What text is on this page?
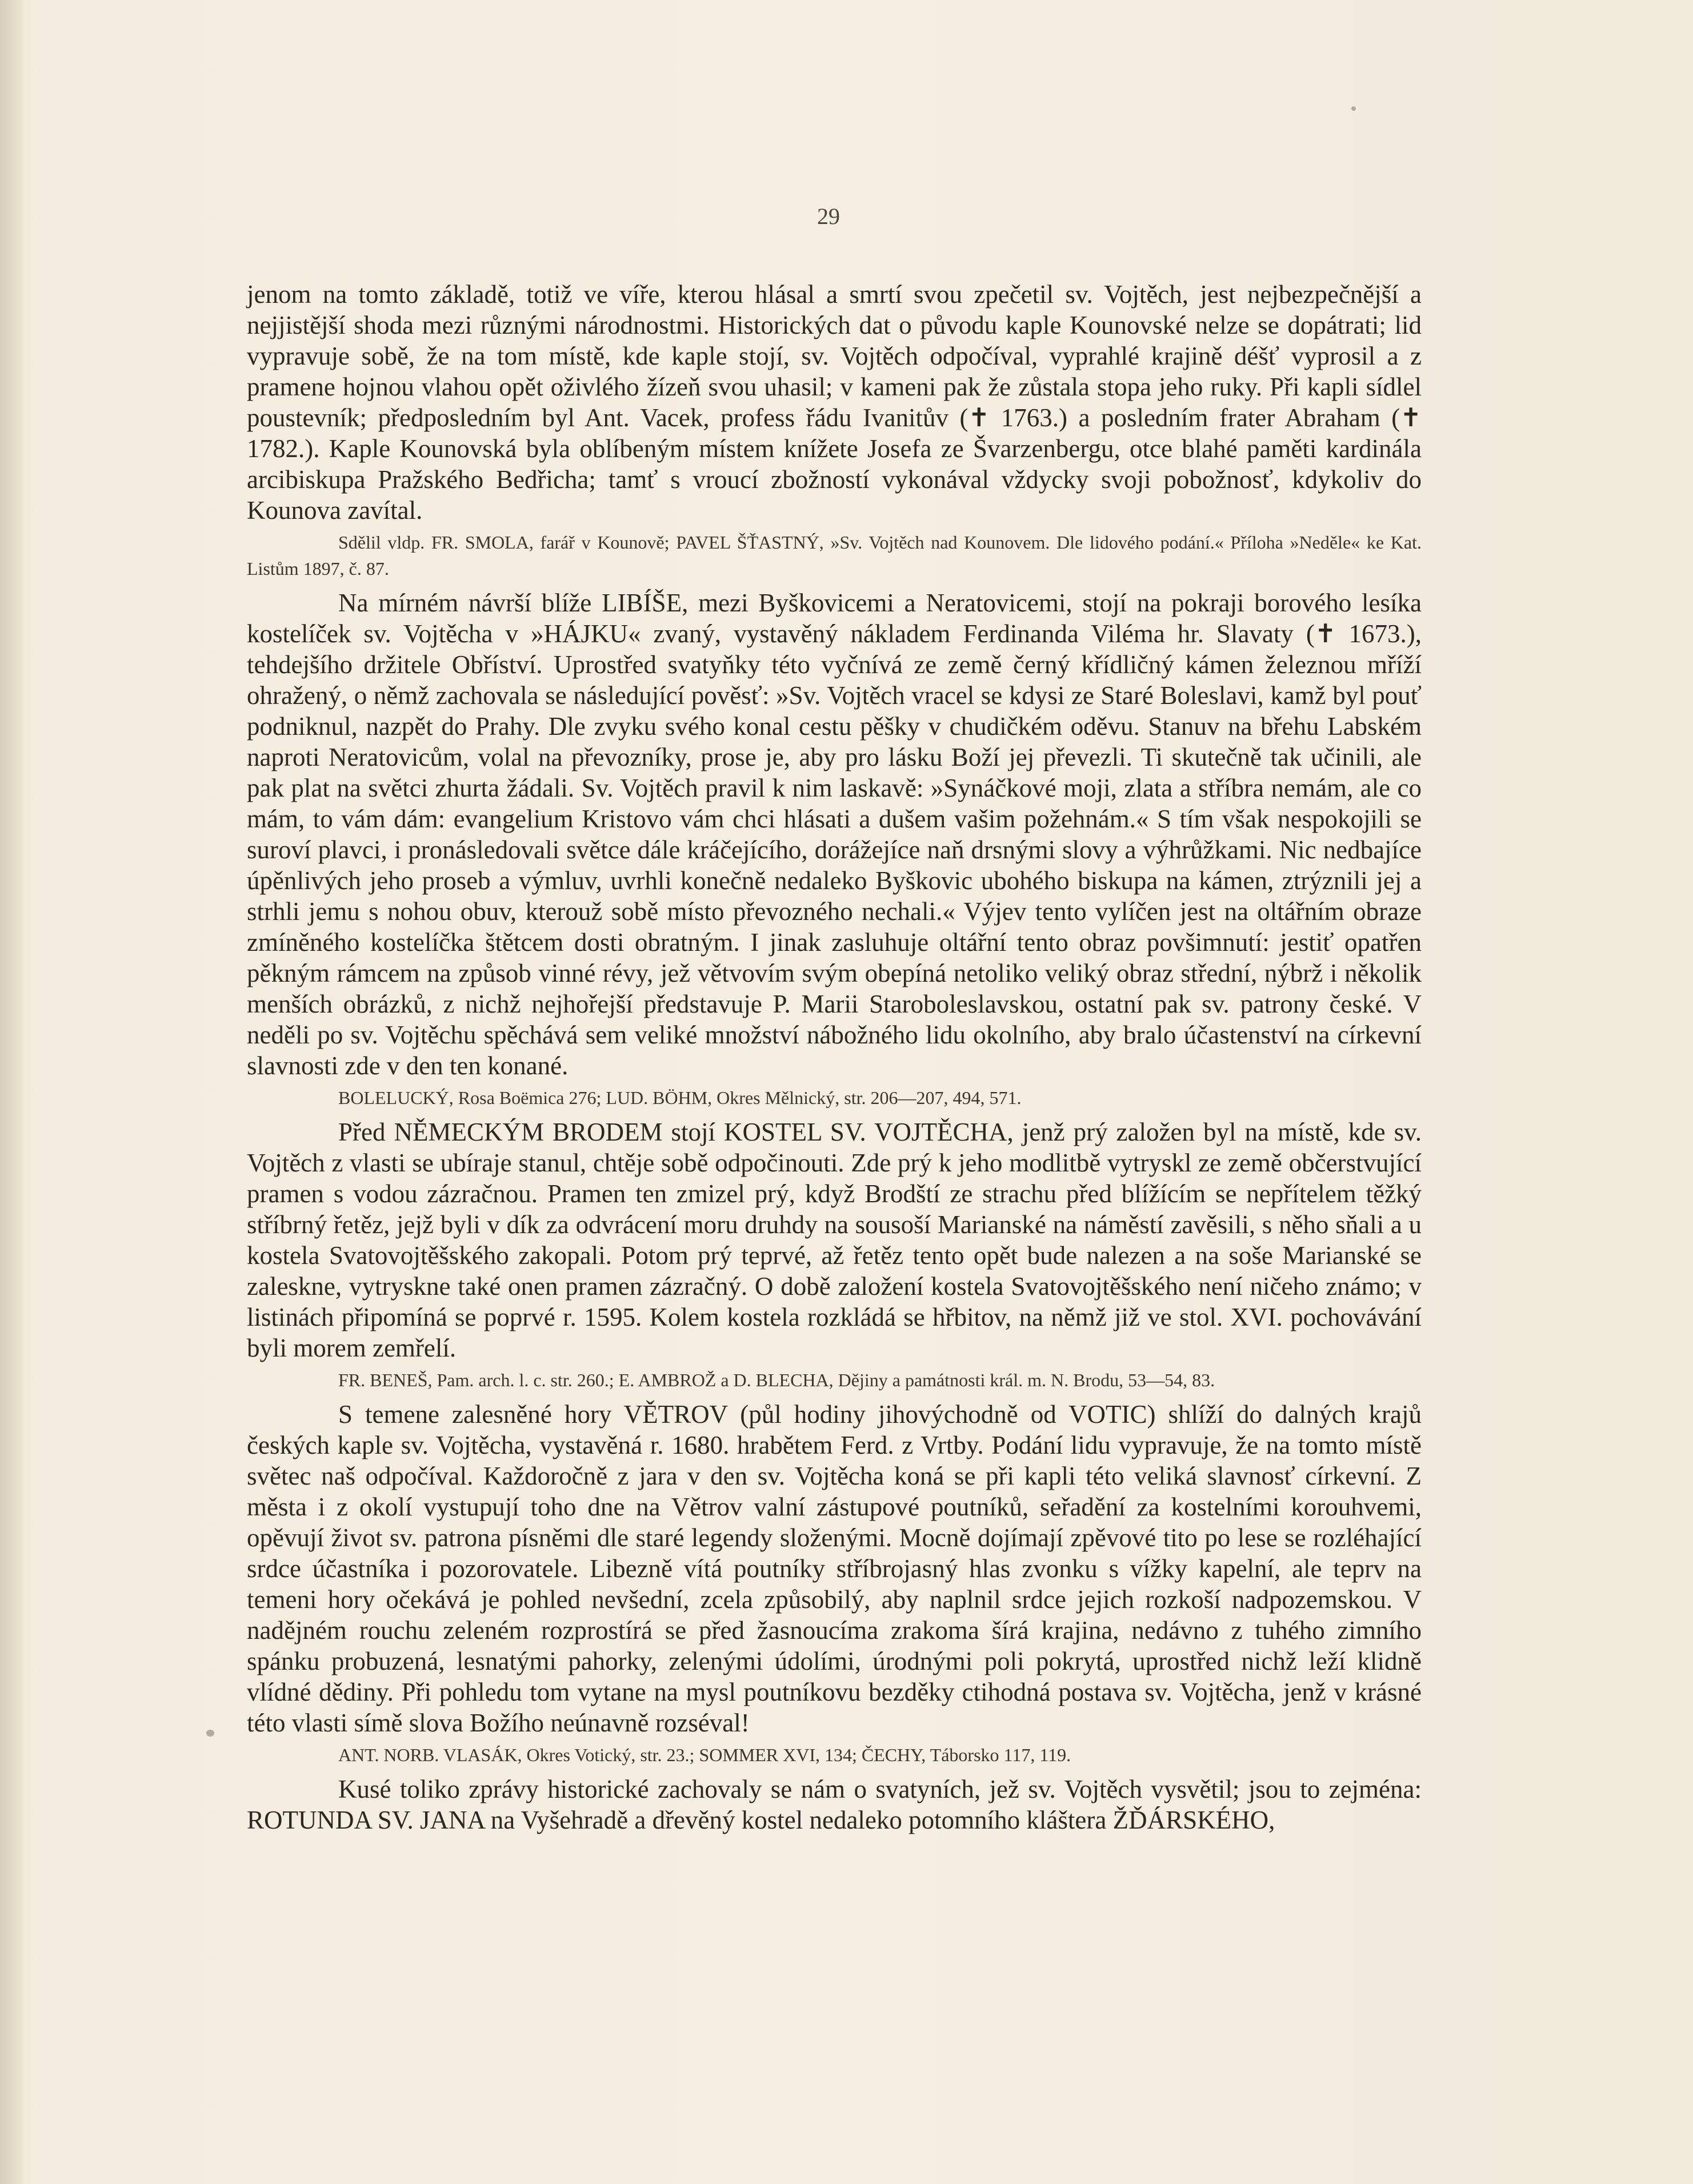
29

jenom na tomto základě, totiž ve víře, kterou hlásal a smrtí svou zpečetil sv. Vojtěch, jest nejbezpečnější a nejjistější shoda mezi různými národnostmi. Historických dat o původu kaple Kounovské nelze se dopátrati; lid vypravuje sobě, že na tom místě, kde kaple stojí, sv. Vojtěch odpočíval, vyprahlé krajině déšť vyprosil a z pramene hojnou vlahou opět oživlého žízeň svou uhasil; v kameni pak že zůstala stopa jeho ruky. Při kapli sídlel poustevník; předposledním byl Ant. Vacek, profess řádu Ivanitův (✝ 1763.) a posledním frater Abraham (✝ 1782.). Kaple Kounovská byla oblíbeným místem knížete Josefa ze Švarzenbergu, otce blahé paměti kardinála arcibiskupa Pražského Bedřicha; tamť s vroucí zbožností vykonával vždycky svoji pobožnosť, kdykoliv do Kounova zavítal.

Sdělil vldp. FR. SMOLA, farář v Kounově; PAVEL ŠŤASTNÝ, »Sv. Vojtěch nad Kounovem. Dle lidového podání.« Příloha »Neděle« ke Kat. Listům 1897, č. 87.

Na mírném návrší blíže LIBÍŠE, mezi Byškovicemi a Neratovicemi, stojí na pokraji borového lesíka kostelíček sv. Vojtěcha v »HÁJKU« zvaný, vystavěný nákladem Ferdinanda Viléma hr. Slavaty (✝ 1673.), tehdejšího držitele Obříství. Uprostřed svatyňky této vyčnívá ze země černý křídličný kámen železnou mříží ohražený, o němž zachovala se následující pověsť: »Sv. Vojtěch vracel se kdysi ze Staré Boleslavi, kamž byl pouť podniknul, nazpět do Prahy. Dle zvyku svého konal cestu pěšky v chudičkém oděvu. Stanuv na břehu Labském naproti Neratovicům, volal na převozníky, prose je, aby pro lásku Boží jej převezli. Ti skutečně tak učinili, ale pak plat na světci zhurta žádali. Sv. Vojtěch pravil k nim laskavě: »Synáčkové moji, zlata a stříbra nemám, ale co mám, to vám dám: evangelium Kristovo vám chci hlásati a dušem vašim požehnám.« S tím však nespokojili se suroví plavci, i pronásledovali světce dále kráčejícího, dorážejíce naň drsnými slovy a výhrůžkami. Nic nedbajíce úpěnlivých jeho proseb a výmluv, uvrhli konečně nedaleko Byškovic ubohého biskupa na kámen, ztrýznili jej a strhli jemu s nohou obuv, kterouž sobě místo převozného nechali.« Výjev tento vylíčen jest na oltářním obraze zmíněného kostelíčka štětcem dosti obratným. I jinak zasluhuje oltářní tento obraz povšimnutí: jestiť opatřen pěkným rámcem na způsob vinné révy, jež větvovím svým obepíná netoliko veliký obraz střední, nýbrž i několik menších obrázků, z nichž nejhořejší představuje P. Marii Staroboleslavskou, ostatní pak sv. patrony české. V neděli po sv. Vojtěchu spěchává sem veliké množství nábožného lidu okolního, aby bralo účastenství na církevní slavnosti zde v den ten konané.

BOLELUCKÝ, Rosa Boëmica 276; LUD. BÖHM, Okres Mělnický, str. 206—207, 494, 571.

Před NĚMECKÝM BRODEM stojí KOSTEL SV. VOJTĚCHA, jenž prý založen byl na místě, kde sv. Vojtěch z vlasti se ubíraje stanul, chtěje sobě odpočinouti. Zde prý k jeho modlitbě vytryskl ze země občerstvující pramen s vodou zázračnou. Pramen ten zmizel prý, když Brodští ze strachu před blížícím se nepřítelem těžký stříbrný řetěz, jejž byli v dík za odvrácení moru druhdy na sousoší Marianské na náměstí zavěsili, s něho sňali a u kostela Svatovojtěšského zakopali. Potom prý teprvé, až řetěz tento opět bude nalezen a na soše Marianské se zaleskne, vytryskne také onen pramen zázračný. O době založení kostela Svatovojtěšského není ničeho známo; v listinách připomíná se poprvé r. 1595. Kolem kostela rozkládá se hřbitov, na němž již ve stol. XVI. pochovávání byli morem zemřelí.

FR. BENEŠ, Pam. arch. l. c. str. 260.; E. AMBROŽ a D. BLECHA, Dějiny a památnosti král. m. N. Brodu, 53—54, 83.

S temene zalesněné hory VĚTROV (půl hodiny jihovýchodně od VOTIC) shlíží do dalných krajů českých kaple sv. Vojtěcha, vystavěná r. 1680. hrabětem Ferd. z Vrtby. Podání lidu vypravuje, že na tomto místě světec naš odpočíval. Každoročně z jara v den sv. Vojtěcha koná se při kapli této veliká slavnosť církevní. Z města i z okolí vystupují toho dne na Větrov valní zástupové poutníků, seřadění za kostelními korouhvemi, opěvují život sv. patrona písněmi dle staré legendy složenými. Mocně dojímají zpěvové tito po lese se rozléhající srdce účastníka i pozorovatele. Libezně vítá poutníky stříbrojasný hlas zvonku s vížky kapelní, ale teprv na temeni hory očekává je pohled nevšední, zcela způsobilý, aby naplnil srdce jejich rozkoší nadpozemskou. V nadějném rouchu zeleném rozprostírá se před žasnoucíma zrakoma šírá krajina, nedávno z tuhého zimního spánku probuzená, lesnatými pahorky, zelenými údolími, úrodnými poli pokrytá, uprostřed nichž leží klidně vlídné dědiny. Při pohledu tom vytane na mysl poutníkovu bezděky ctihodná postava sv. Vojtěcha, jenž v krásné této vlasti símě slova Božího neúnavně rozséval!

ANT. NORB. VLASÁK, Okres Votický, str. 23.; SOMMER XVI, 134; ČECHY, Táborsko 117, 119.

Kusé toliko zprávy historické zachovaly se nám o svatyních, jež sv. Vojtěch vysvětil; jsou to zejména: ROTUNDA SV. JANA na Vyšehradě a dřevěný kostel nedaleko potomního kláštera ŽĎÁRSKÉHO,
